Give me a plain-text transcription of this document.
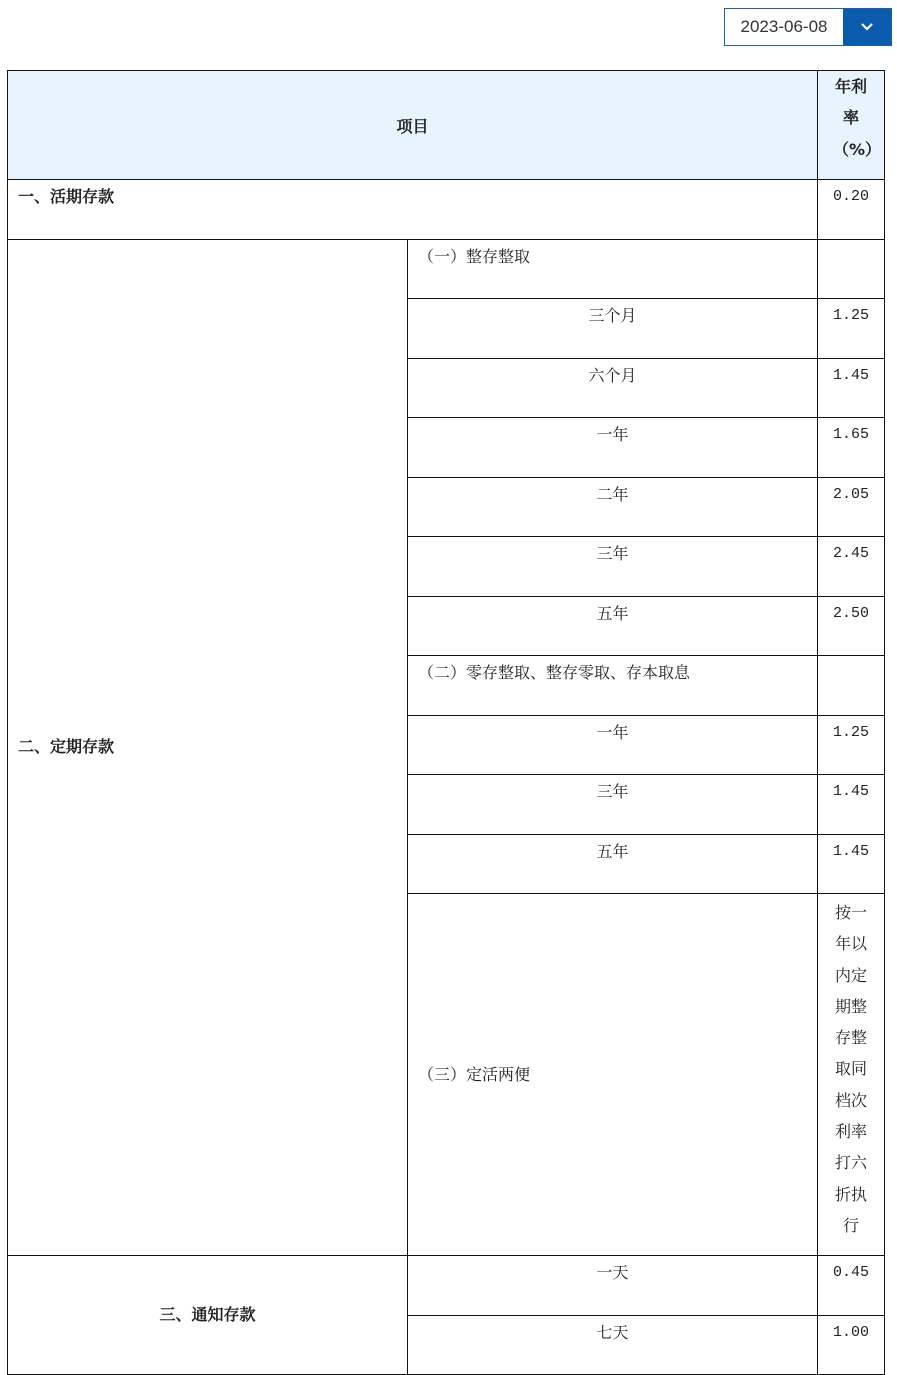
2023-06-08
项目		年利率（%）

一、活期存款		0.20
二、定期存款	（一）整存整取	
	三个月	1.25
	六个月	1.45
	一年	1.65
	二年	2.05
	三年	2.45
	五年	2.50
	（二）零存整取、整存零取、存本取息	
	一年	1.25
	三年	1.45
	五年	1.45
	（三）定活两便	按一年以内定期整存整取同档次利率打六折执行

三、通知存款	一天	0.45
	七天	1.00
